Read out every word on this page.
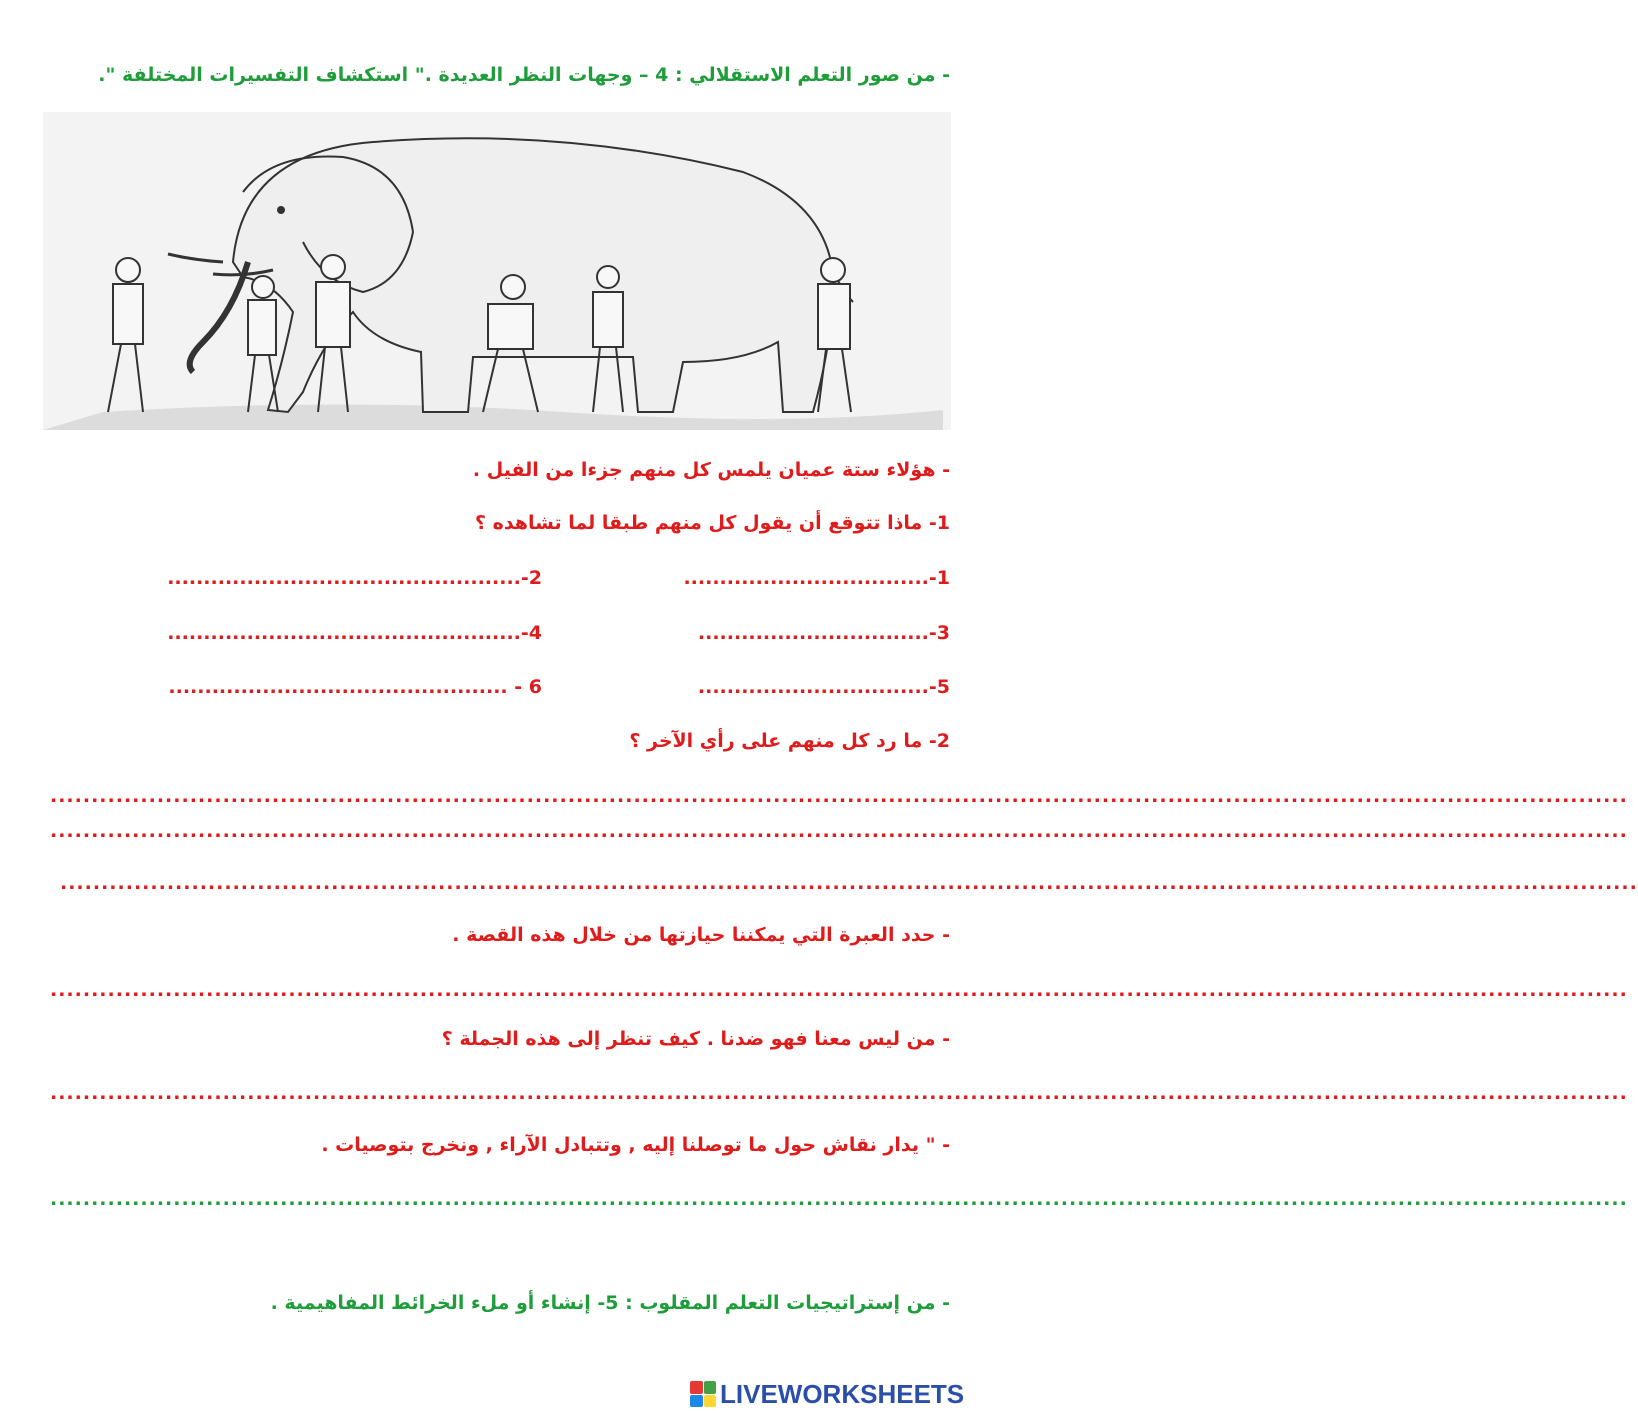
- من صور التعلم الاستقلالي : 4 – وجهات النظر العديدة ." استكشاف التفسيرات المختلفة ".
- هؤلاء ستة عميان يلمس كل منهم جزءا من الفيل .
1- ماذا تتوقع أن يقول كل منهم طبقا لما تشاهده ؟
1-..................................
2-.................................................
3-................................
4-.................................................
5-................................
6 - ...............................................
2- ما رد كل منهم على رأي الآخر ؟
................................................................................................................................................................................................
................................................................................................................................................................................................
................................................................................................................................................................................................
- حدد العبرة التي يمكننا حيازتها من خلال هذه القصة .
................................................................................................................................................................................................
- من ليس معنا فهو ضدنا . كيف تنظر إلى هذه الجملة ؟
................................................................................................................................................................................................
- " يدار نقاش حول ما توصلنا إليه , وتتبادل الآراء , ونخرج بتوصيات .
................................................................................................................................................................................................
- من إستراتيجيات التعلم المقلوب : 5- إنشاء أو ملء الخرائط المفاهيمية .
LIVEWORKSHEETS
